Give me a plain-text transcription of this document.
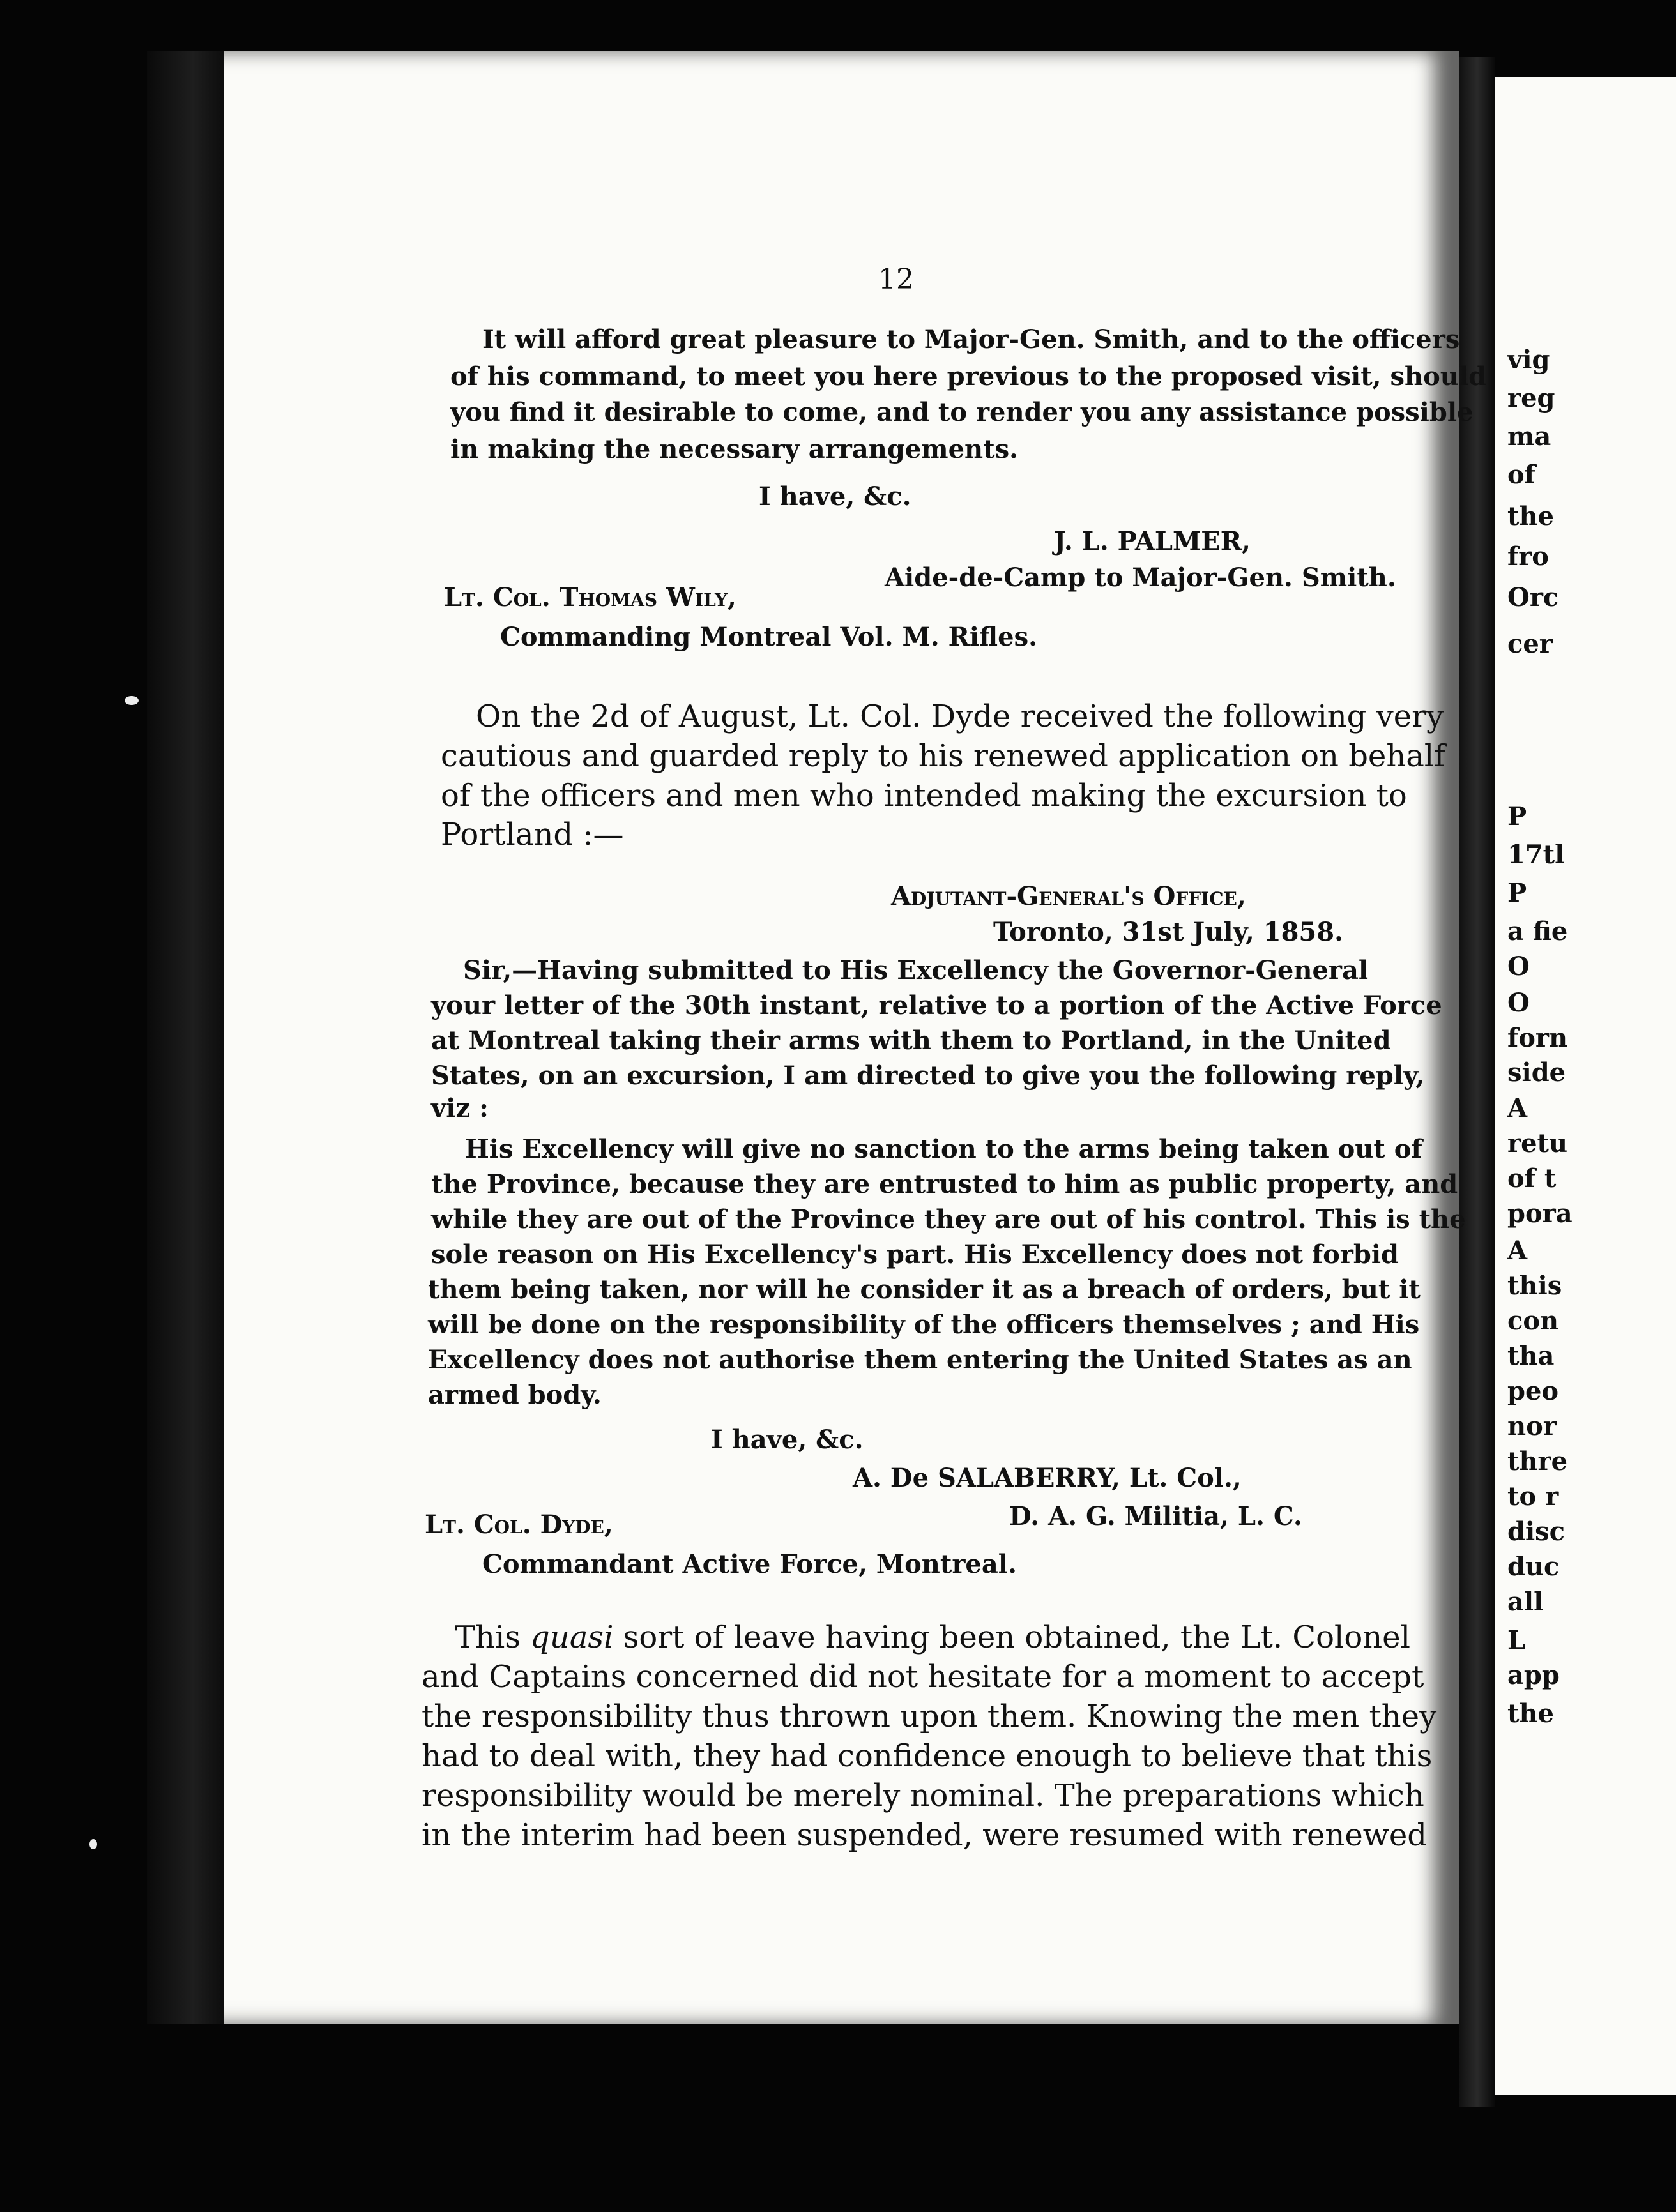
12
It will afford great pleasure to Major-Gen. Smith, and to the officers
of his command, to meet you here previous to the proposed visit, should
you find it desirable to come, and to render you any assistance possible
in making the necessary arrangements.
I have, &c.
J. L. PALMER,
Aide-de-Camp to Major-Gen. Smith.
Lt. Col. Thomas Wily,
Commanding Montreal Vol. M. Rifles.
On the 2d of August, Lt. Col. Dyde received the following very
cautious and guarded reply to his renewed application on behalf
of the officers and men who intended making the excursion to
Portland :—
Adjutant-General's Office,
Toronto, 31st July, 1858.
Sir,—Having submitted to His Excellency the Governor-General
your letter of the 30th instant, relative to a portion of the Active Force
at Montreal taking their arms with them to Portland, in the United
States, on an excursion, I am directed to give you the following reply,
viz :
His Excellency will give no sanction to the arms being taken out of
the Province, because they are entrusted to him as public property, and
while they are out of the Province they are out of his control. This is the
sole reason on His Excellency's part. His Excellency does not forbid
them being taken, nor will he consider it as a breach of orders, but it
will be done on the responsibility of the officers themselves ; and His
Excellency does not authorise them entering the United States as an
armed body.
I have, &c.
A. De SALABERRY, Lt. Col.,
D. A. G. Militia, L. C.
Lt. Col. Dyde,
Commandant Active Force, Montreal.
This quasi sort of leave having been obtained, the Lt. Colonel
and Captains concerned did not hesitate for a moment to accept
the responsibility thus thrown upon them. Knowing the men they
had to deal with, they had confidence enough to believe that this
responsibility would be merely nominal. The preparations which
in the interim had been suspended, were resumed with renewed
vig
reg
ma
of
the
fro
Orc
cer
P
17tl
P
a fie
O
O
forn
side
A
retu
of t
pora
A
this
con
tha
peo
nor
thre
to r
disc
duc
all
L
app
the
